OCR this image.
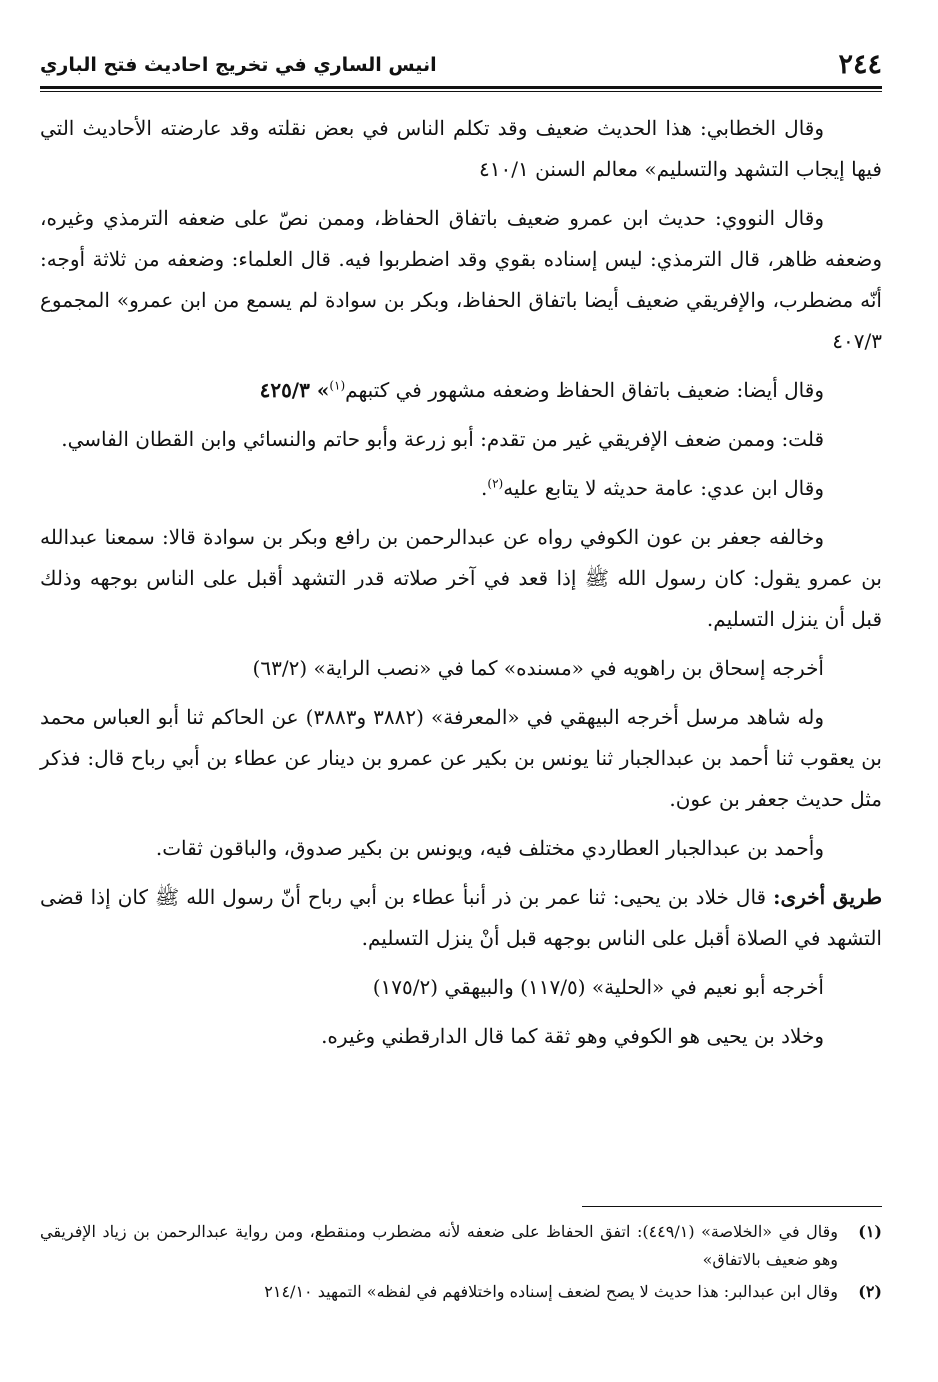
٢٤٤
انيس الساري في تخريج احاديث فتح الباري

وقال الخطابي: هذا الحديث ضعيف وقد تكلم الناس في بعض نقلته وقد عارضته الأحاديث التي فيها إيجاب التشهد والتسليم» معالم السنن ٤١٠/١

وقال النووي: حديث ابن عمرو ضعيف باتفاق الحفاظ، وممن نصّ على ضعفه الترمذي وغيره، وضعفه ظاهر، قال الترمذي: ليس إسناده بقوي وقد اضطربوا فيه. قال العلماء: وضعفه من ثلاثة أوجه: أنّه مضطرب، والإفريقي ضعيف أيضا باتفاق الحفاظ، وبكر بن سوادة لم يسمع من ابن عمرو» المجموع ٤٠٧/٣

وقال أيضا: ضعيف باتفاق الحفاظ وضعفه مشهور في كتبهم$^{(١)}$» ٤٢٥/٣

قلت: وممن ضعف الإفريقي غير من تقدم: أبو زرعة وأبو حاتم والنسائي وابن القطان الفاسي.

وقال ابن عدي: عامة حديثه لا يتابع عليه$^{(٢)}$.

وخالفه جعفر بن عون الكوفي رواه عن عبدالرحمن بن رافع وبكر بن سوادة قالا: سمعنا عبدالله بن عمرو يقول: كان رسول الله ﷺ إذا قعد في آخر صلاته قدر التشهد أقبل على الناس بوجهه وذلك قبل أن ينزل التسليم.

أخرجه إسحاق بن راهويه في «مسنده» كما في «نصب الراية» (٦٣/٢)

وله شاهد مرسل أخرجه البيهقي في «المعرفة» (٣٨٨٢ و٣٨٨٣) عن الحاكم ثنا أبو العباس محمد بن يعقوب ثنا أحمد بن عبدالجبار ثنا يونس بن بكير عن عمرو بن دينار عن عطاء بن أبي رباح قال: فذكر مثل حديث جعفر بن عون.

وأحمد بن عبدالجبار العطاردي مختلف فيه، ويونس بن بكير صدوق، والباقون ثقات.

طريق أخرى: قال خلاد بن يحيى: ثنا عمر بن ذر أنبأ عطاء بن أبي رباح أنّ رسول الله ﷺ كان إذا قضى التشهد في الصلاة أقبل على الناس بوجهه قبل أنْ ينزل التسليم.

أخرجه أبو نعيم في «الحلية» (١١٧/٥) والبيهقي (١٧٥/٢)

وخلاد بن يحيى هو الكوفي وهو ثقة كما قال الدارقطني وغيره.

(١)
وقال في «الخلاصة» (٤٤٩/١): اتفق الحفاظ على ضعفه لأنه مضطرب ومنقطع، ومن رواية عبدالرحمن بن زياد الإفريقي وهو ضعيف بالاتفاق»
(٢)
وقال ابن عبدالبر: هذا حديث لا يصح لضعف إسناده واختلافهم في لفظه» التمهيد ٢١٤/١٠
